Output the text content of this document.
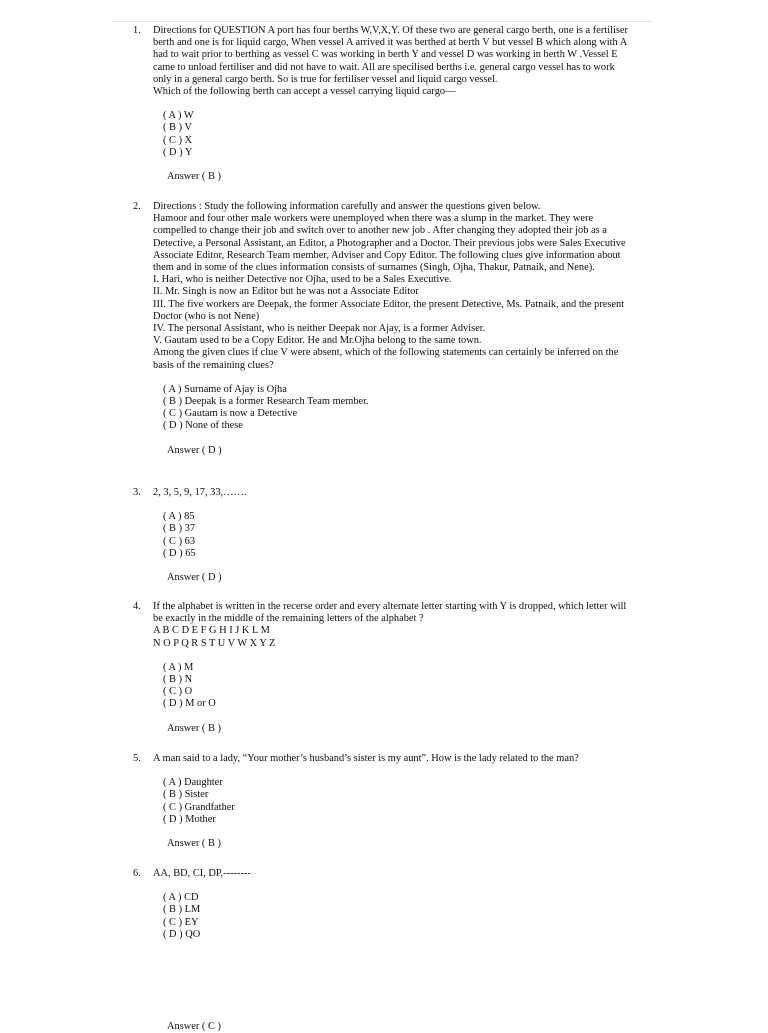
1.	Directions for QUESTION A port has four berths W,V,X,Y. Of these two are general cargo berth, one is a fertiliser berth and one is for liquid cargo, When vessel A arrived it was berthed at berth V but vessel B which along with A had to wait prior to berthing as vessel C was working in berth Y and vessel D was working in berth W .Vessel E came to unload fertiliser and did not have to wait. All are specilised berths i.e. general cargo vessel has to work only in a general cargo berth. So is true for fertiliser vessel and liquid cargo vessel.
Which of the following berth can accept a vessel carrying liquid cargo—
( A ) W
( B ) V
( C ) X
( D ) Y
Answer ( B )
2.	Directions : Study the following information carefully and answer the questions given below.
Hamoor and four other male workers were unemployed when there was a slump in the market. They were compelled to change their job and switch over to another new job . After changing they adopted their job as a Detective, a Personal Assistant, an Editor, a Photographer and a Doctor. Their previous jobs were Sales Executive Associate Editor, Research Team member, Adviser and Copy Editor. The following clues give information about them and in some of the clues information consists of surnames (Singh, Ojha, Thakur, Patnaik, and Nene).
I. Hari, who is neither Detective nor Ojha, used to be a Sales Executive.
II. Mr. Singh is now an Editor but he was not a Associate Editor
III. The five workers are Deepak, the former Associate Editor, the present Detective, Ms. Patnaik, and the present Doctor (who is not Nene)
IV. The personal Assistant, who is neither Deepak nor Ajay, is a former Adviser.
V. Gautam used to be a Copy Editor. He and Mr.Ojha belong to the same town.
Among the given clues if clue V were absent, which of the following statements can certainly be inferred on the basis of the remaining clues?
( A ) Surname of Ajay is Ojha
( B ) Deepak is a former Research Team member.
( C ) Gautam is now a Detective
( D ) None of these
Answer ( D )
3.	2, 3, 5, 9, 17, 33,…….
( A ) 85
( B ) 37
( C ) 63
( D ) 65
Answer ( D )
4.	If the alphabet is written in the recerse order and every alternate letter starting with Y is dropped, which letter will be exactly in the middle of the remaining letters of the alphabet ?
A B C D E F G H I J K L M
N O P Q R S T U V W X Y Z
( A ) M
( B ) N
( C ) O
( D ) M or O
Answer ( B )
5.	A man said to a lady, “Your mother’s husband’s sister is my aunt”. How is the lady related to the man?
( A ) Daughter
( B ) Sister
( C ) Grandfather
( D ) Mother
Answer ( B )
6.	AA, BD, CI, DP,--------
( A ) CD
( B ) LM
( C ) EY
( D ) QO
Answer ( C )
